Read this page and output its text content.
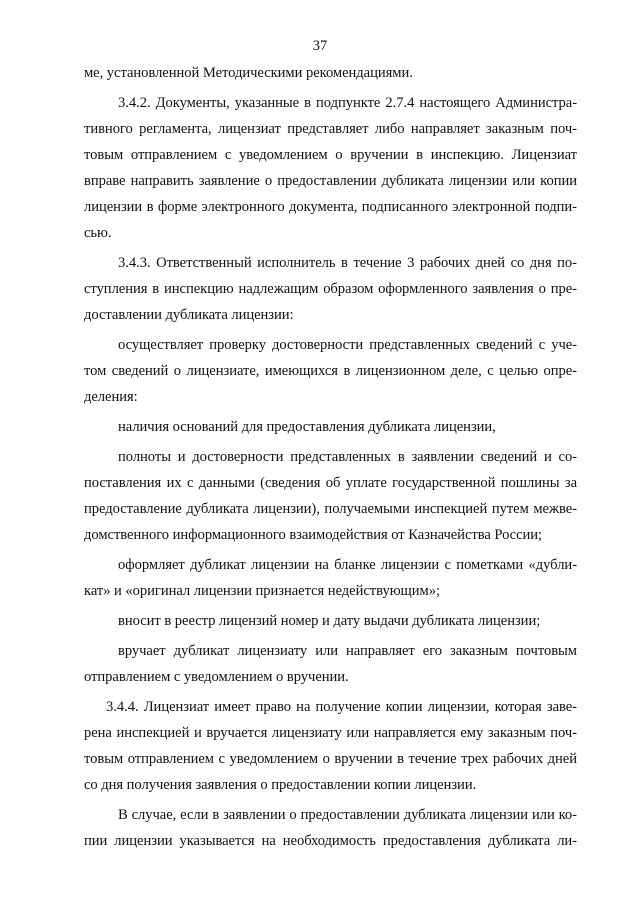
37
ме, установленной Методическими рекомендациями.
3.4.2. Документы, указанные в подпункте 2.7.4 настоящего Администра-
тивного регламента, лицензиат представляет либо направляет заказным поч-
товым отправлением с уведомлением о вручении в инспекцию. Лицензиат
вправе направить заявление о предоставлении дубликата лицензии или копии
лицензии в форме электронного документа, подписанного электронной подпи-
сью.
3.4.3. Ответственный исполнитель в течение 3 рабочих дней со дня по-
ступления в инспекцию надлежащим образом оформленного заявления о пре-
доставлении дубликата лицензии:
осуществляет проверку достоверности представленных сведений с уче-
том сведений о лицензиате, имеющихся в лицензионном деле, с целью опре-
деления:
наличия оснований для предоставления дубликата лицензии,
полноты и достоверности представленных в заявлении сведений и со-
поставления их с данными (сведения об уплате государственной пошлины за
предоставление дубликата лицензии), получаемыми инспекцией путем межве-
домственного информационного взаимодействия от Казначейства России;
оформляет дубликат лицензии на бланке лицензии с пометками «дубли-
кат» и «оригинал лицензии признается недействующим»;
вносит в реестр лицензий номер и дату выдачи дубликата лицензии;
вручает дубликат лицензиату или направляет его заказным почтовым
отправлением с уведомлением о вручении.
3.4.4. Лицензиат имеет право на получение копии лицензии, которая заве-
рена инспекцией и вручается лицензиату или направляется ему заказным поч-
товым отправлением с уведомлением о вручении в течение трех рабочих дней
со дня получения заявления о предоставлении копии лицензии.
В случае, если в заявлении о предоставлении дубликата лицензии или ко-
пии лицензии указывается на необходимость предоставления дубликата ли-
